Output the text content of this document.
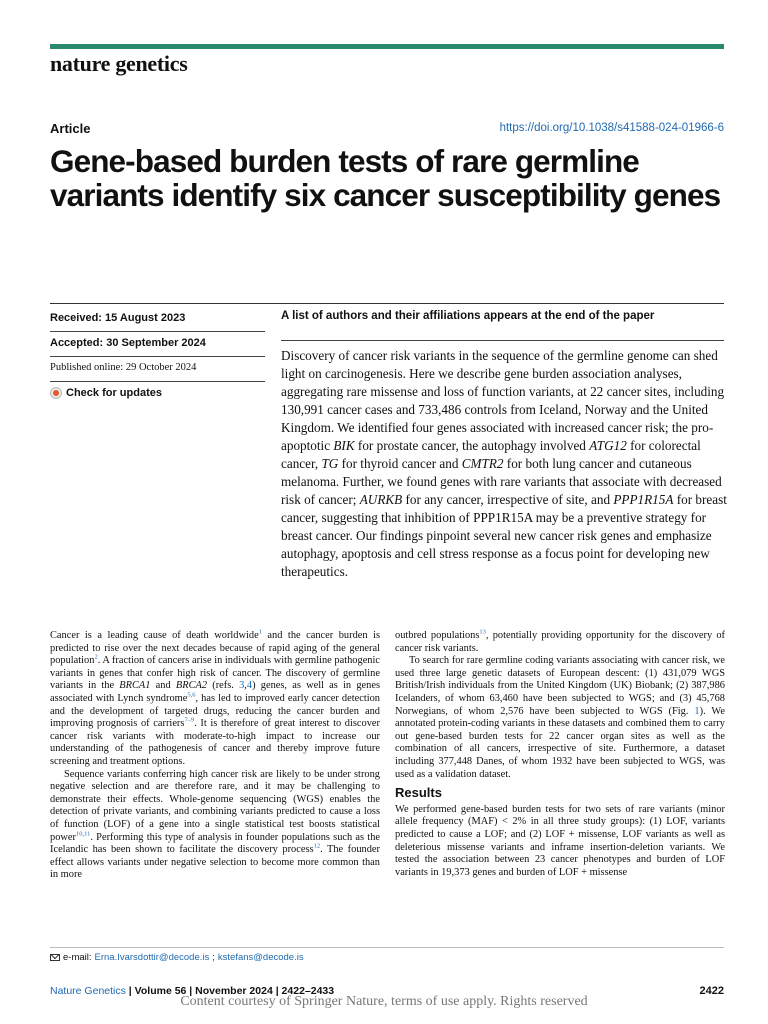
nature genetics
Article	https://doi.org/10.1038/s41588-024-01966-6
Gene-based burden tests of rare germline variants identify six cancer susceptibility genes
Received: 15 August 2023
Accepted: 30 September 2024
Published online: 29 October 2024
Check for updates
A list of authors and their affiliations appears at the end of the paper

Discovery of cancer risk variants in the sequence of the germline genome can shed light on carcinogenesis. Here we describe gene burden association analyses, aggregating rare missense and loss of function variants, at 22 cancer sites, including 130,991 cancer cases and 733,486 controls from Iceland, Norway and the United Kingdom. We identified four genes associated with increased cancer risk; the pro-apoptotic BIK for prostate cancer, the autophagy involved ATG12 for colorectal cancer, TG for thyroid cancer and CMTR2 for both lung cancer and cutaneous melanoma. Further, we found genes with rare variants that associate with decreased risk of cancer; AURKB for any cancer, irrespective of site, and PPP1R15A for breast cancer, suggesting that inhibition of PPP1R15A may be a preventive strategy for breast cancer. Our findings pinpoint several new cancer risk genes and emphasize autophagy, apoptosis and cell stress response as a focus point for developing new therapeutics.

Cancer is a leading cause of death worldwide$^1$ and the cancer burden is predicted to rise over the next decades because of rapid aging of the general population$^2$. A fraction of cancers arise in individuals with germline pathogenic variants in genes that confer high risk of cancer. The discovery of germline variants in the BRCA1 and BRCA2 (refs. 3,4) genes, as well as in genes associated with Lynch syndrome$^{5,6}$, has led to improved early cancer detection and the development of targeted drugs, reducing the cancer burden and improving prognosis of carriers$^{7-9}$. It is therefore of great interest to discover cancer risk variants with moderate-to-high impact to increase our understanding of the pathogenesis of cancer and thereby improve future screening and treatment options.

Sequence variants conferring high cancer risk are likely to be under strong negative selection and are therefore rare, and it may be challenging to demonstrate their effects. Whole-genome sequencing (WGS) enables the detection of private variants, and combining variants predicted to cause a loss of function (LOF) of a gene into a single statistical test boosts statistical power$^{10,11}$. Performing this type of analysis in founder populations such as the Icelandic has been shown to facilitate the discovery process$^{12}$. The founder effect allows variants under negative selection to become more common than in more

outbred populations$^{13}$, potentially providing opportunity for the discovery of cancer risk variants.

To search for rare germline coding variants associating with cancer risk, we used three large genetic datasets of European descent: (1) 431,079 WGS British/Irish individuals from the United Kingdom (UK) Biobank; (2) 387,986 Icelanders, of whom 63,460 have been subjected to WGS; and (3) 45,768 Norwegians, of whom 2,576 have been subjected to WGS (Fig. 1). We annotated protein-coding variants in these datasets and combined them to carry out gene-based burden tests for 22 cancer organ sites as well as the combination of all cancers, irrespective of site. Furthermore, a dataset including 377,448 Danes, of whom 1932 have been subjected to WGS, was used as a validation dataset.

Results

We performed gene-based burden tests for two sets of rare variants (minor allele frequency (MAF) < 2% in all three study groups): (1) LOF, variants predicted to cause a LOF; and (2) LOF + missense, LOF variants as well as deleterious missense variants and inframe insertion-deletion variants. We tested the association between 23 cancer phenotypes and burden of LOF variants in 19,373 genes and burden of LOF + missense

e-mail: Erna.Ivarsdottir@decode.is ; kstefans@decode.is
Nature Genetics | Volume 56 | November 2024 | 2422–2433	2422
Content courtesy of Springer Nature, terms of use apply. Rights reserved
